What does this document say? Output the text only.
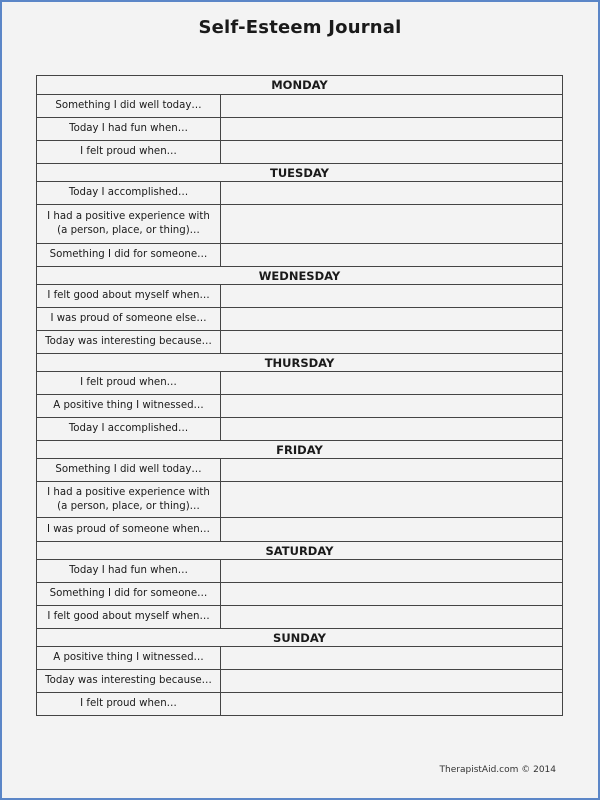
Self-Esteem Journal
MONDAY
Something I did well today…
Today I had fun when…
I felt proud when…
TUESDAY
Today I accomplished…
I had a positive experience with (a person, place, or thing)…
Something I did for someone…
WEDNESDAY
I felt good about myself when…
I was proud of someone else…
Today was interesting because…
THURSDAY
I felt proud when…
A positive thing I witnessed…
Today I accomplished…
FRIDAY
Something I did well today…
I had a positive experience with (a person, place, or thing)…
I was proud of someone when…
SATURDAY
Today I had fun when…
Something I did for someone…
I felt good about myself when…
SUNDAY
A positive thing I witnessed…
Today was interesting because…
I felt proud when…
TherapistAid.com © 2014
